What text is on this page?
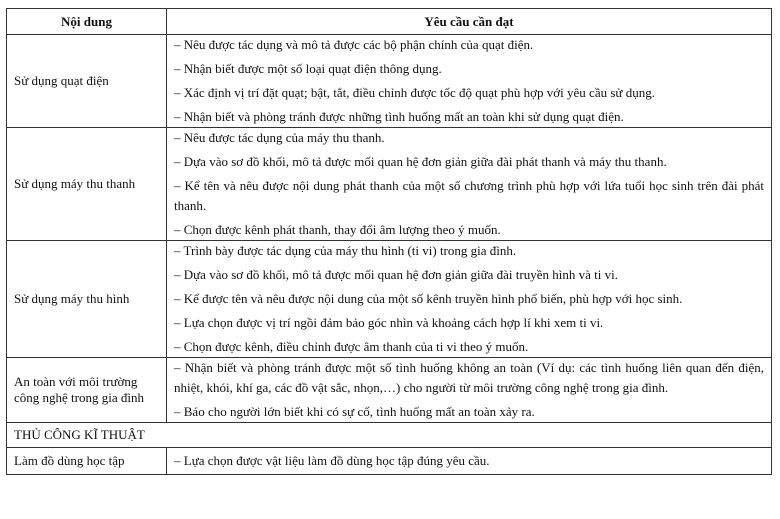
Nội dung	Yêu cầu cần đạt
Sử dụng quạt điện	– Nêu được tác dụng và mô tả được các bộ phận chính của quạt điện.

– Nhận biết được một số loại quạt điện thông dụng.

– Xác định vị trí đặt quạt; bật, tắt, điều chỉnh được tốc độ quạt phù hợp với yêu cầu sử dụng.

– Nhận biết và phòng tránh được những tình huống mất an toàn khi sử dụng quạt điện.

Sử dụng máy thu thanh	– Nêu được tác dụng của máy thu thanh.

– Dựa vào sơ đồ khối, mô tả được mối quan hệ đơn giản giữa đài phát thanh và máy thu thanh.

– Kể tên và nêu được nội dung phát thanh của một số chương trình phù hợp với lứa tuổi học sinh trên đài phát thanh.

– Chọn được kênh phát thanh, thay đổi âm lượng theo ý muốn.

Sử dụng máy thu hình	– Trình bày được tác dụng của máy thu hình (ti vi) trong gia đình.

– Dựa vào sơ đồ khối, mô tả được mối quan hệ đơn giản giữa đài truyền hình và ti vi.

– Kể được tên và nêu được nội dung của một số kênh truyền hình phổ biến, phù hợp với học sinh.

– Lựa chọn được vị trí ngồi đảm bảo góc nhìn và khoảng cách hợp lí khi xem ti vi.

– Chọn được kênh, điều chỉnh được âm thanh của ti vi theo ý muốn.

An toàn với môi trường công nghệ trong gia đình	– Nhận biết và phòng tránh được một số tình huống không an toàn (Ví dụ: các tình huống liên quan đến điện, nhiệt, khói, khí ga, các đồ vật sắc, nhọn,…) cho người từ môi trường công nghệ trong gia đình.

– Báo cho người lớn biết khi có sự cố, tình huống mất an toàn xảy ra.

THỦ CÔNG KĨ THUẬT	
Làm đồ dùng học tập	– Lựa chọn được vật liệu làm đồ dùng học tập đúng yêu cầu.
